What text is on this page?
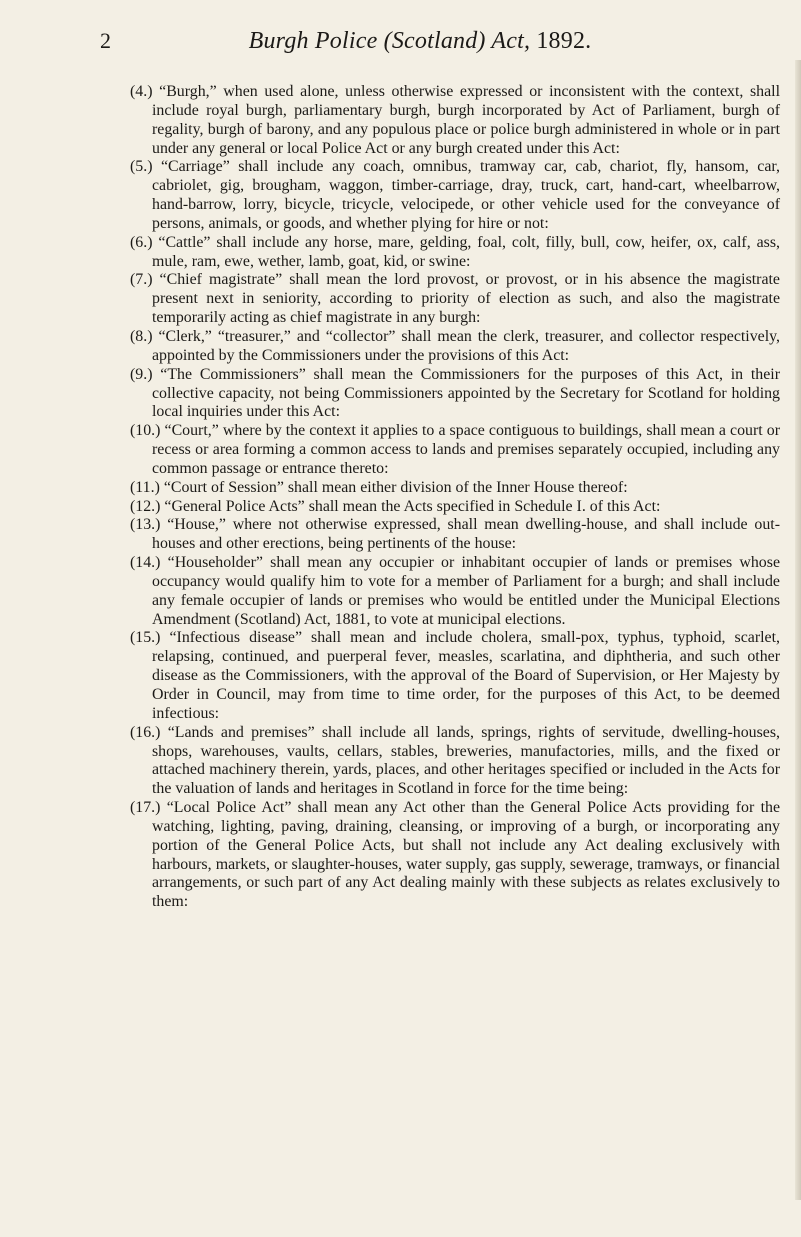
2	Burgh Police (Scotland) Act, 1892.

(4.) “Burgh,” when used alone, unless otherwise expressed or inconsistent with the context, shall include royal burgh, parliamentary burgh, burgh incorporated by Act of Parliament, burgh of regality, burgh of barony, and any populous place or police burgh administered in whole or in part under any general or local Police Act or any burgh created under this Act:

(5.) “Carriage” shall include any coach, omnibus, tramway car, cab, chariot, fly, hansom, car, cabriolet, gig, brougham, waggon, timber-carriage, dray, truck, cart, hand-cart, wheelbarrow, hand-barrow, lorry, bicycle, tricycle, velocipede, or other vehicle used for the conveyance of persons, animals, or goods, and whether plying for hire or not:

(6.) “Cattle” shall include any horse, mare, gelding, foal, colt, filly, bull, cow, heifer, ox, calf, ass, mule, ram, ewe, wether, lamb, goat, kid, or swine:

(7.) “Chief magistrate” shall mean the lord provost, or provost, or in his absence the magistrate present next in seniority, according to priority of election as such, and also the magistrate temporarily acting as chief magistrate in any burgh:

(8.) “Clerk,” “treasurer,” and “collector” shall mean the clerk, treasurer, and collector respectively, appointed by the Commissioners under the provisions of this Act:

(9.) “The Commissioners” shall mean the Commissioners for the purposes of this Act, in their collective capacity, not being Commissioners appointed by the Secretary for Scotland for holding local inquiries under this Act:

(10.) “Court,” where by the context it applies to a space contiguous to buildings, shall mean a court or recess or area forming a common access to lands and premises separately occupied, including any common passage or entrance thereto:

(11.) “Court of Session” shall mean either division of the Inner House thereof:

(12.) “General Police Acts” shall mean the Acts specified in Schedule I. of this Act:

(13.) “House,” where not otherwise expressed, shall mean dwelling-house, and shall include out-houses and other erections, being pertinents of the house:

(14.) “Householder” shall mean any occupier or inhabitant occupier of lands or premises whose occupancy would qualify him to vote for a member of Parliament for a burgh; and shall include any female occupier of lands or premises who would be entitled under the Municipal Elections Amendment (Scotland) Act, 1881, to vote at municipal elections.

(15.) “Infectious disease” shall mean and include cholera, small-pox, typhus, typhoid, scarlet, relapsing, continued, and puerperal fever, measles, scarlatina, and diphtheria, and such other disease as the Commissioners, with the approval of the Board of Supervision, or Her Majesty by Order in Council, may from time to time order, for the purposes of this Act, to be deemed infectious:

(16.) “Lands and premises” shall include all lands, springs, rights of servitude, dwelling-houses, shops, warehouses, vaults, cellars, stables, breweries, manufactories, mills, and the fixed or attached machinery therein, yards, places, and other heritages specified or included in the Acts for the valuation of lands and heritages in Scotland in force for the time being:

(17.) “Local Police Act” shall mean any Act other than the General Police Acts providing for the watching, lighting, paving, draining, cleansing, or improving of a burgh, or incorporating any portion of the General Police Acts, but shall not include any Act dealing exclusively with harbours, markets, or slaughter-houses, water supply, gas supply, sewerage, tramways, or financial arrangements, or such part of any Act dealing mainly with these subjects as relates exclusively to them:
